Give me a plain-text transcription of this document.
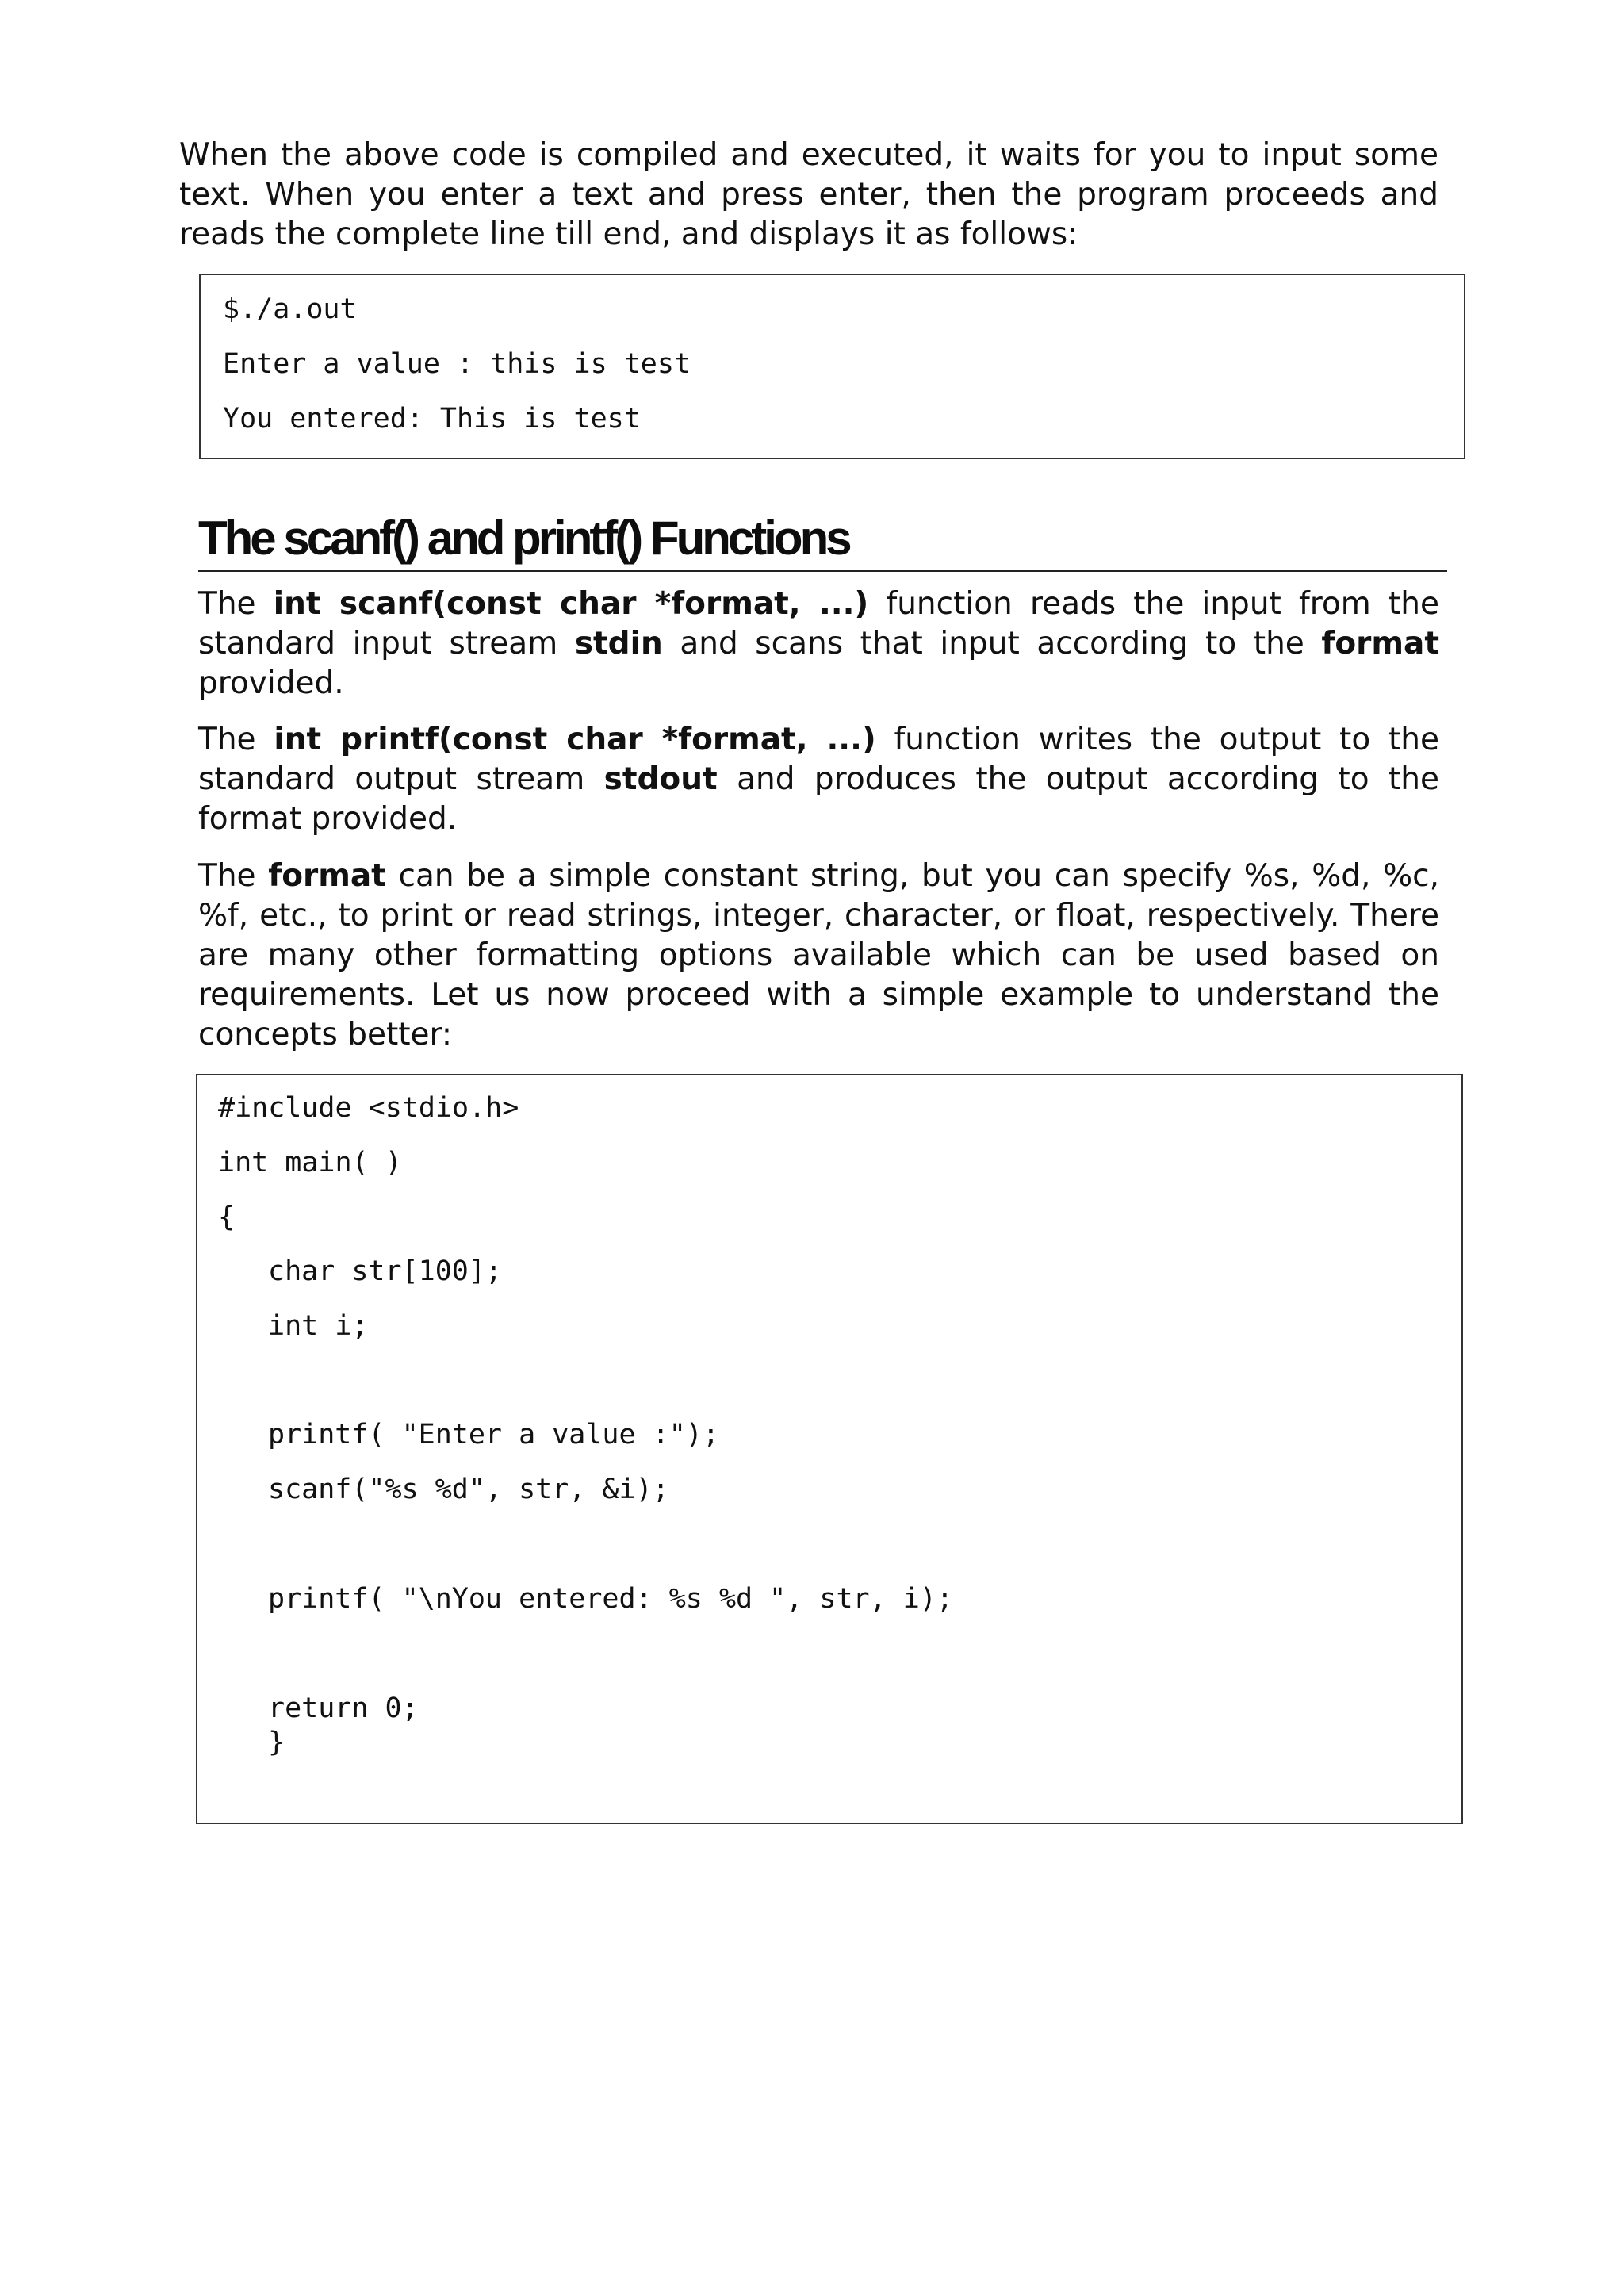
When the above code is compiled and executed, it waits for you to input some text. When you enter a text and press enter, then the program proceeds and reads the complete line till end, and displays it as follows:

$./a.out
Enter a value : this is test
You entered: This is test
The scanf() and printf() Functions

The int scanf(const char *format, ...) function reads the input from the standard input stream stdin and scans that input according to the format provided.

The int printf(const char *format, ...) function writes the output to the standard output stream stdout and produces the output according to the format provided.

The format can be a simple constant string, but you can specify %s, %d, %c, %f, etc., to print or read strings, integer, character, or float, respectively. There are many other formatting options available which can be used based on requirements. Let us now proceed with a simple example to understand the concepts better:

#include <stdio.h>
int main( )
{
char str[100];
int i;
printf( "Enter a value :");
scanf("%s %d", str, &i);
printf( "\nYou entered: %s %d ", str, i);
return 0;
}
